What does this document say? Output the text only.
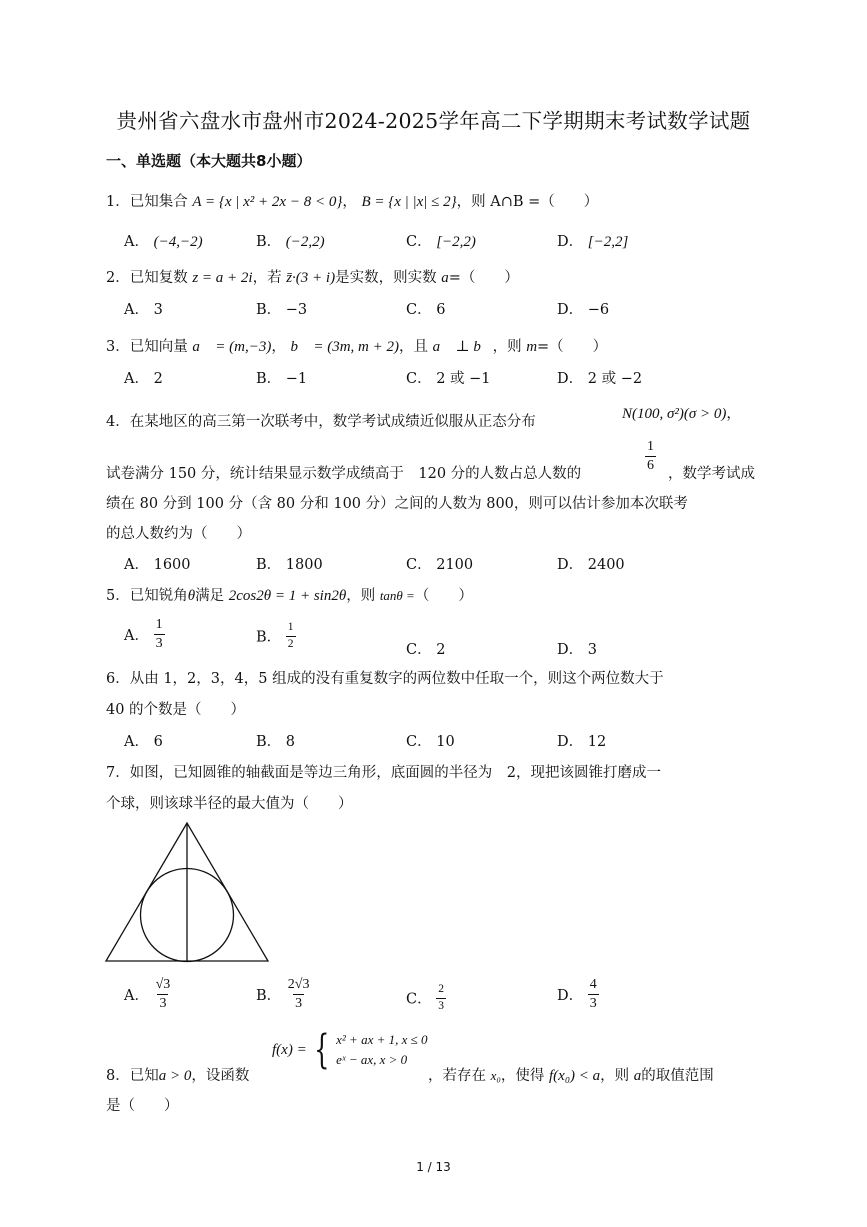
贵州省六盘水市盘州市2024-2025学年高二下学期期末考试数学试题
一、单选题（本大题共8小题）
1．已知集合 A = {x | x² + 2x − 8 < 0}， B = {x | |x| ≤ 2}，则 A∩B =（　　）
A． (−4,−2)	B． (−2,2)	C． [−2,2)	D． [−2,2]
2．已知复数 z = a + 2i，若 z̄·(3 + i)是实数，则实数 a=（　　）
A． 3	B． −3	C． 6	D． −6
3．已知向量 a⃗ = (m,−3)， b⃗ = (3m, m + 2)，且 a⃗ ⊥ b⃗，则 m=（　　）
A． 2	B． −1	C． 2 或 −1	D． 2 或 −2
4．在某地区的高三第一次联考中，数学考试成绩近似服从正态分布	N(100, σ²)(σ > 0)，
试卷满分 150 分，统计结果显示数学成绩高于　120 分的人数占总人数的
$\frac{1}{6}$
，数学考试成
绩在 80 分到 100 分（含 80 分和 100 分）之间的人数为 800，则可以估计参加本次联考
的总人数约为（　　）
A． 1600	B． 1800	C． 2100	D． 2400
5．已知锐角θ满足 2cos2θ = 1 + sin2θ，则 tanθ =（　　）
A． $\frac{1}{3}$	B． $\frac{1}{2}$	C． 2	D． 3
6．从由 1，2，3，4，5 组成的没有重复数字的两位数中任取一个，则这个两位数大于
40 的个数是（　　）
A． 6	B． 8	C． 10	D． 12
7．如图，已知圆锥的轴截面是等边三角形，底面圆的半径为　2，现把该圆锥打磨成一
个球，则该球半径的最大值为（　　）
A． $\frac{√3}{3}$	B． $\frac{2√3}{3}$	C． $\frac{2}{3}$	D． $\frac{4}{3}$
8．已知a > 0，设函数
f(x) = { x² + ax + 1, x ≤ 0
eˣ − ax, x > 0
，若存在 x₀，使得 f(x₀) < a，则 a的取值范围
是（　　）
1 / 13
